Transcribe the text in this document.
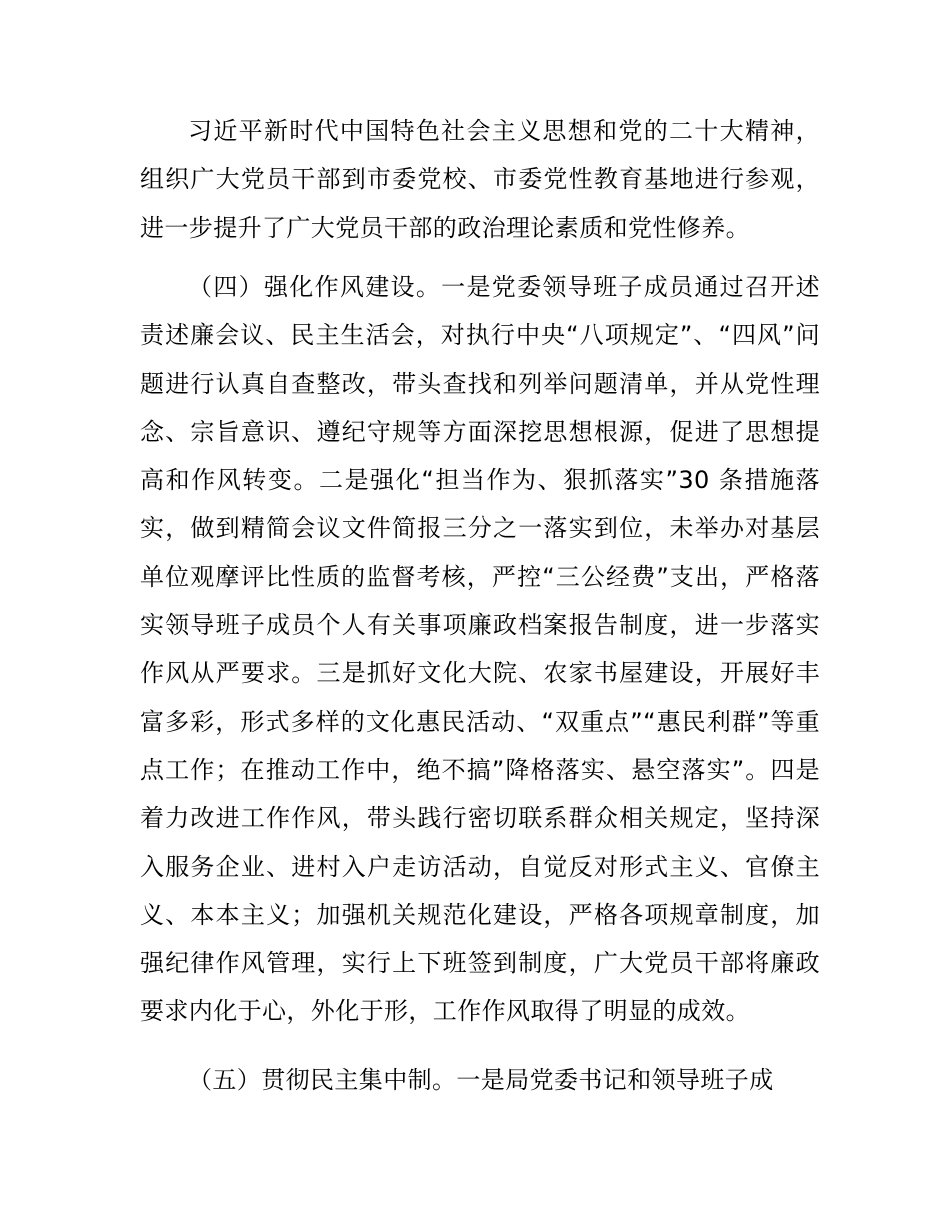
习近平新时代中国特色社会主义思想和党的二十大精神，
组织广大党员干部到市委党校、市委党性教育基地进行参观，
进一步提升了广大党员干部的政治理论素质和党性修养。
（四）强化作风建设。一是党委领导班子成员通过召开述
责述廉会议、民主生活会，对执行中央“八项规定”、“四风”问
题进行认真自查整改，带头查找和列举问题清单，并从党性理
念、宗旨意识、遵纪守规等方面深挖思想根源，促进了思想提
高和作风转变。二是强化“担当作为、狠抓落实”30 条措施落
实，做到精简会议文件简报三分之一落实到位，未举办对基层
单位观摩评比性质的监督考核，严控“三公经费”支出，严格落
实领导班子成员个人有关事项廉政档案报告制度，进一步落实
作风从严要求。三是抓好文化大院、农家书屋建设，开展好丰
富多彩，形式多样的文化惠民活动、“双重点”“惠民利群”等重
点工作；在推动工作中，绝不搞”降格落实、悬空落实”。四是
着力改进工作作风，带头践行密切联系群众相关规定，坚持深
入服务企业、进村入户走访活动，自觉反对形式主义、官僚主
义、本本主义；加强机关规范化建设，严格各项规章制度，加
强纪律作风管理，实行上下班签到制度，广大党员干部将廉政
要求内化于心，外化于形，工作作风取得了明显的成效。
（五）贯彻民主集中制。一是局党委书记和领导班子成
